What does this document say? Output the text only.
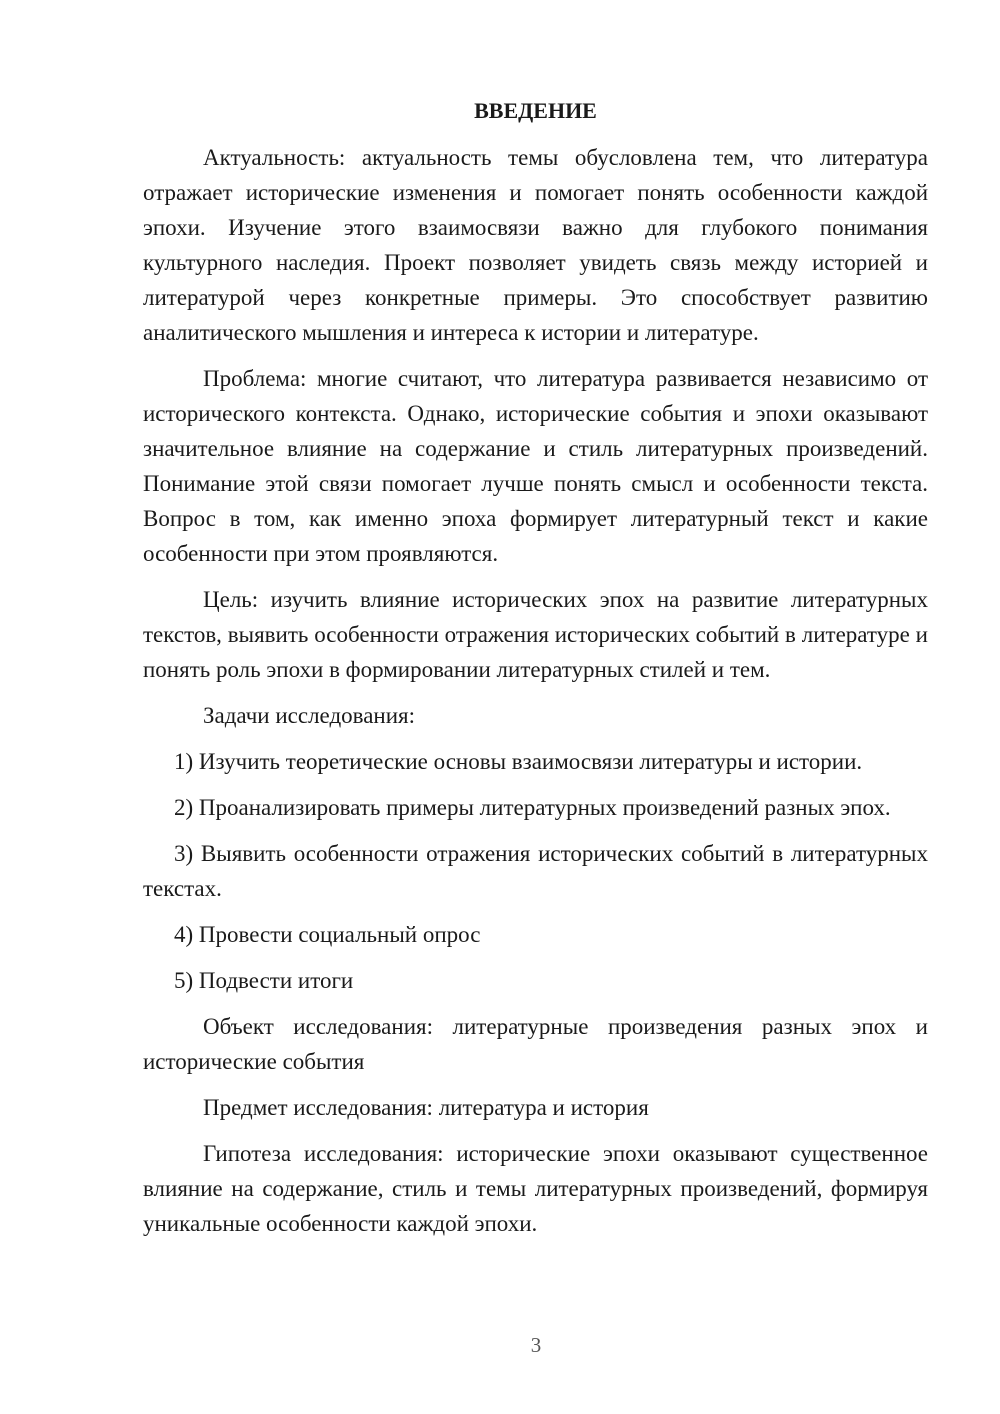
ВВЕДЕНИЕ

Актуальность: актуальность темы обусловлена тем, что литература отражает исторические изменения и помогает понять особенности каждой эпохи. Изучение этого взаимосвязи важно для глубокого понимания культурного наследия. Проект позволяет увидеть связь между историей и литературой через конкретные примеры. Это способствует развитию аналитического мышления и интереса к истории и литературе.

Проблема: многие считают, что литература развивается независимо от исторического контекста. Однако, исторические события и эпохи оказывают значительное влияние на содержание и стиль литературных произведений. Понимание этой связи помогает лучше понять смысл и особенности текста. Вопрос в том, как именно эпоха формирует литературный текст и какие особенности при этом проявляются.

Цель: изучить влияние исторических эпох на развитие литературных текстов, выявить особенности отражения исторических событий в литературе и понять роль эпохи в формировании литературных стилей и тем.

Задачи исследования:

1) Изучить теоретические основы взаимосвязи литературы и истории.

2) Проанализировать примеры литературных произведений разных эпох.

3) Выявить особенности отражения исторических событий в литературных текстах.

4) Провести социальный опрос

5) Подвести итоги

Объект исследования: литературные произведения разных эпох и исторические события

Предмет исследования: литература и история

Гипотеза исследования: исторические эпохи оказывают существенное влияние на содержание, стиль и темы литературных произведений, формируя уникальные особенности каждой эпохи.

3
